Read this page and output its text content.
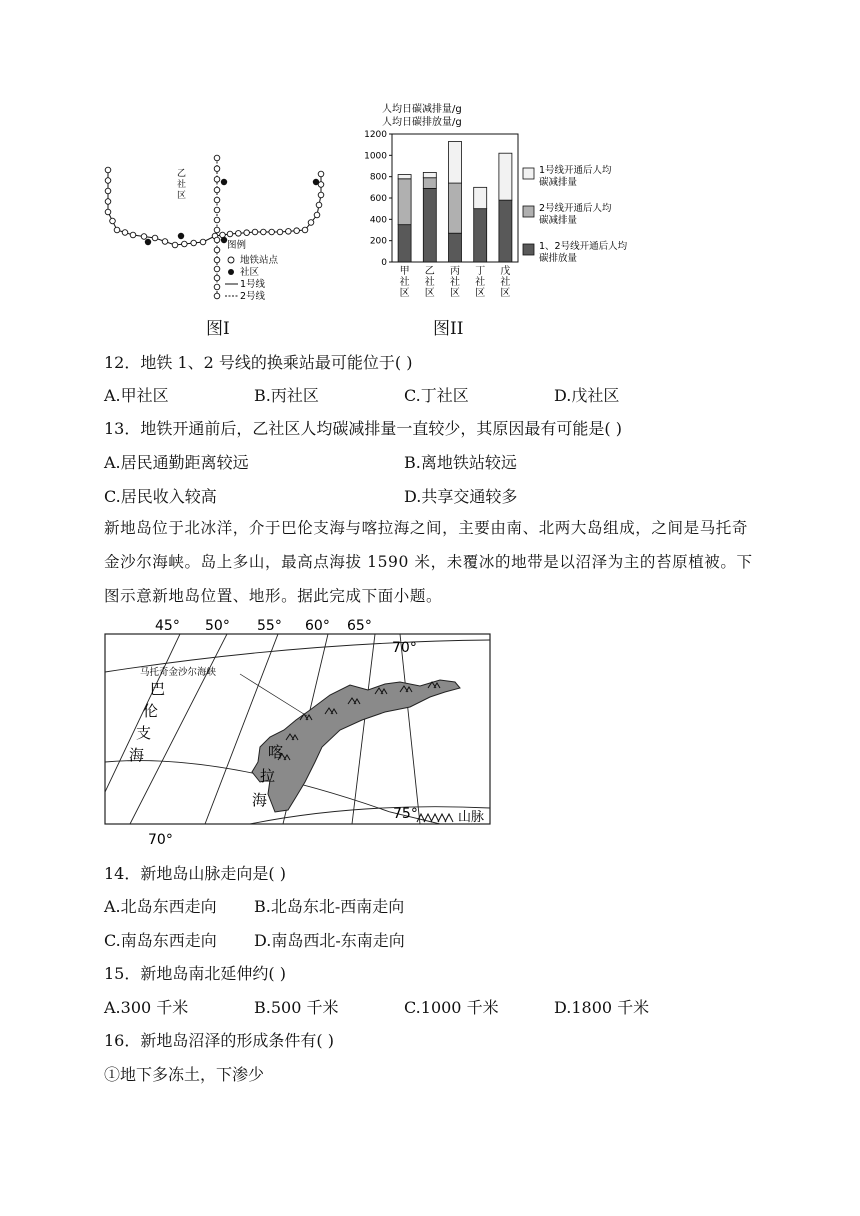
乙社区
图例
地铁站点
社区
1号线
2号线
图I
人均日碳减排量/g
人均日碳排放量/g
0
200
400
600
800
1000
1200
甲
社
区
乙
社
区
丙
社
区
丁
社
区
戊
社
区
1号线开通后人均
碳减排量
2号线开通后人均
碳减排量
1、2号线开通后人均
碳排放量
图II
12．地铁 1、2 号线的换乘站最可能位于( )
A.甲社区	B.丙社区	C.丁社区	D.戊社区
13．地铁开通前后，乙社区人均碳减排量一直较少，其原因最有可能是( )
A.居民通勤距离较远	B.离地铁站较远
C.居民收入较高	D.共享交通较多
新地岛位于北冰洋，介于巴伦支海与喀拉海之间，主要由南、北两大岛组成，之间是马托奇金沙尔海峡。岛上多山，最高点海拔 1590 米，未覆冰的地带是以沼泽为主的苔原植被。下图示意新地岛位置、地形。据此完成下面小题。
马托奇金沙尔海峡
巴
伦
支
海	喀
拉
海
45° 50° 55° 60° 65°
70°
70°
75°	山脉
14．新地岛山脉走向是( )
A.北岛东西走向 B.北岛东北-西南走向
C.南岛东西走向 D.南岛西北-东南走向
15．新地岛南北延伸约( )
A.300 千米	B.500 千米	C.1000 千米	D.1800 千米
16．新地岛沼泽的形成条件有( )
①地下多冻土，下渗少
